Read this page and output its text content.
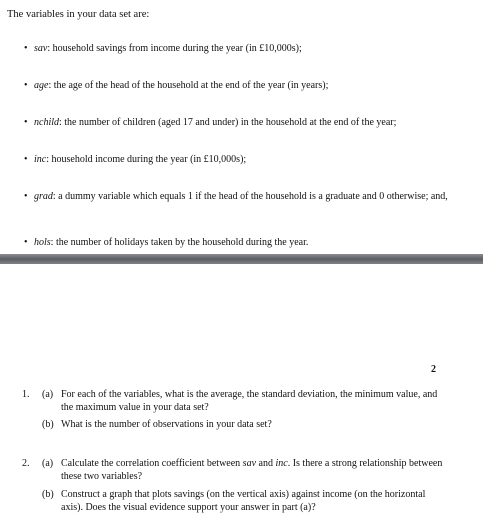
The variables in your data set are:
• sav: household savings from income during the year (in £10,000s);
• age: the age of the head of the household at the end of the year (in years);
• nchild: the number of children (aged 17 and under) in the household at the end of the year;
• inc: household income during the year (in £10,000s);
• grad: a dummy variable which equals 1 if the head of the household is a graduate and 0 otherwise; and,
• hols: the number of holidays taken by the household during the year.
2
1. (a) For each of the variables, what is the average, the standard deviation, the minimum value, and the maximum value in your data set?
(b) What is the number of observations in your data set?
2. (a) Calculate the correlation coefficient between sav and inc. Is there a strong relationship between these two variables?
(b) Construct a graph that plots savings (on the vertical axis) against income (on the horizontal axis). Does the visual evidence support your answer in part (a)?
